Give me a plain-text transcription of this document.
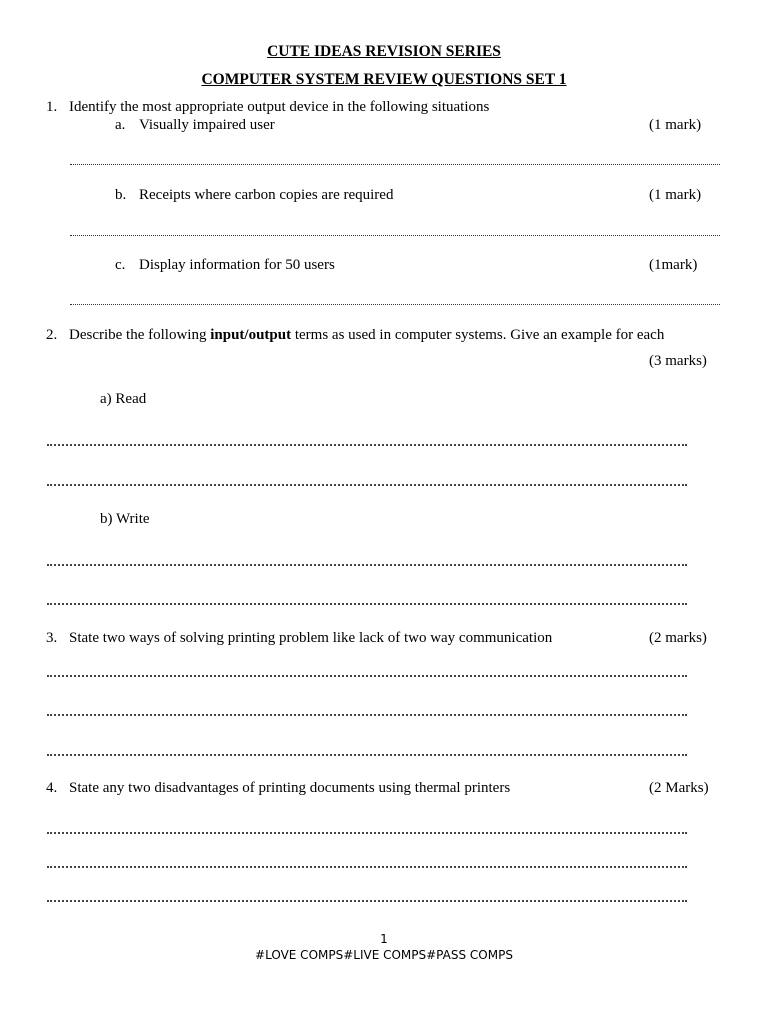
CUTE IDEAS REVISION SERIES
COMPUTER SYSTEM REVIEW QUESTIONS SET 1
1. Identify the most appropriate output device in the following situations
a. Visually impaired user	(1 mark)
b. Receipts where carbon copies are required	(1 mark)
c. Display information for 50 users	(1mark)
2. Describe the following input/output terms as used in computer systems. Give an example for each
(3 marks)
a) Read
b) Write
3. State two ways of solving printing problem like lack of two way communication	(2 marks)
4. State any two disadvantages of printing documents using thermal printers	(2 Marks)
1
#LOVE COMPS#LIVE COMPS#PASS COMPS
